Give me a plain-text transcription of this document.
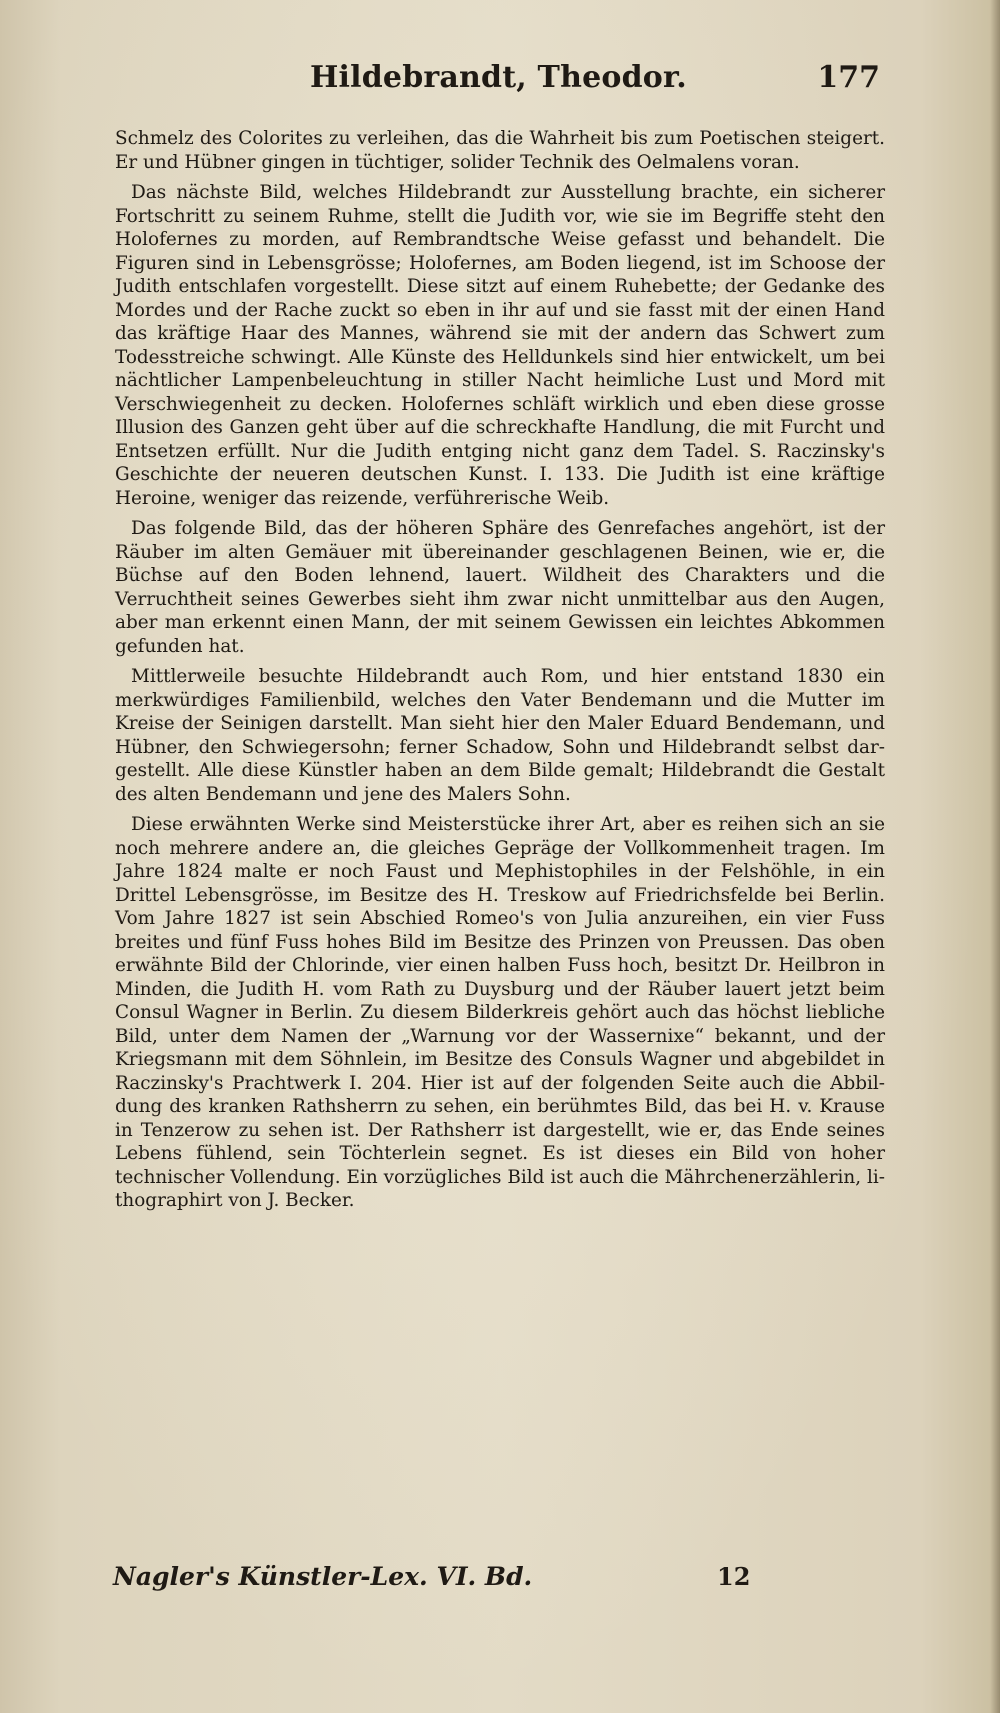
Hildebrandt, Theodor.	177

Schmelz des Colorites zu verleihen, das die Wahrheit bis zum Poetischen steigert. Er und Hübner gingen in tüchtiger, solider Technik des Oelmalens voran.

Das nächste Bild, welches Hildebrandt zur Ausstellung brachte, ein sicherer Fortschritt zu seinem Ruhme, stellt die Judith vor, wie sie im Begriffe steht den Holofernes zu morden, auf Rembrandtsche Weise gefasst und behandelt. Die Figuren sind in Lebensgrösse; Holofernes, am Boden liegend, ist im Schoose der Judith entschlafen vorgestellt. Diese sitzt auf einem Ruhebette; der Gedanke des Mordes und der Rache zuckt so eben in ihr auf und sie fasst mit der einen Hand das kräftige Haar des Mannes, während sie mit der andern das Schwert zum Todesstreiche schwingt. Alle Künste des Helldunkels sind hier entwickelt, um bei nächtlicher Lampenbeleuchtung in stiller Nacht heimliche Lust und Mord mit Verschwiegenheit zu decken. Holofernes schläft wirklich und eben diese grosse Illusion des Ganzen geht über auf die schreckhafte Handlung, die mit Furcht und Entsetzen erfüllt. Nur die Judith entging nicht ganz dem Tadel. S. Raczinsky's Geschichte der neueren deutschen Kunst. I. 133. Die Judith ist eine kräftige Heroine, weniger das reizende, verführerische Weib.

Das folgende Bild, das der höheren Sphäre des Genrefaches angehört, ist der Räuber im alten Gemäuer mit übereinander geschlagenen Beinen, wie er, die Büchse auf den Boden lehnend, lauert. Wildheit des Charakters und die Verruchtheit seines Gewerbes sieht ihm zwar nicht unmittelbar aus den Augen, aber man erkennt einen Mann, der mit seinem Gewissen ein leichtes Abkommen gefunden hat.

Mittlerweile besuchte Hildebrandt auch Rom, und hier entstand 1830 ein merkwürdiges Familienbild, welches den Vater Bendemann und die Mutter im Kreise der Seinigen darstellt. Man sieht hier den Maler Eduard Bendemann, und Hübner, den Schwiegersohn; ferner Schadow, Sohn und Hildebrandt selbst dargestellt. Alle diese Künstler haben an dem Bilde gemalt; Hildebrandt die Gestalt des alten Bendemann und jene des Malers Sohn.

Diese erwähnten Werke sind Meisterstücke ihrer Art, aber es reihen sich an sie noch mehrere andere an, die gleiches Gepräge der Vollkommenheit tragen. Im Jahre 1824 malte er noch Faust und Mephistophiles in der Felshöhle, in ein Drittel Lebensgrösse, im Besitze des H. Treskow auf Friedrichsfelde bei Berlin. Vom Jahre 1827 ist sein Abschied Romeo's von Julia anzureihen, ein vier Fuss breites und fünf Fuss hohes Bild im Besitze des Prinzen von Preussen. Das oben erwähnte Bild der Chlorinde, vier einen halben Fuss hoch, besitzt Dr. Heilbron in Minden, die Judith H. vom Rath zu Duysburg und der Räuber lauert jetzt beim Consul Wagner in Berlin. Zu diesem Bilderkreis gehört auch das höchst liebliche Bild, unter dem Namen der „Warnung vor der Wassernixe“ bekannt, und der Kriegsmann mit dem Söhnlein, im Besitze des Consuls Wagner und abgebildet in Raczinsky's Prachtwerk I. 204. Hier ist auf der folgenden Seite auch die Abbildung des kranken Rathsherrn zu sehen, ein berühmtes Bild, das bei H. v. Krause in Tenzerow zu sehen ist. Der Rathsherr ist dargestellt, wie er, das Ende seines Lebens fühlend, sein Töchterlein segnet. Es ist dieses ein Bild von hoher technischer Vollendung. Ein vorzügliches Bild ist auch die Mährchenerzählerin, lithographirt von J. Becker.

Nagler's Künstler-Lex. VI. Bd.	12
